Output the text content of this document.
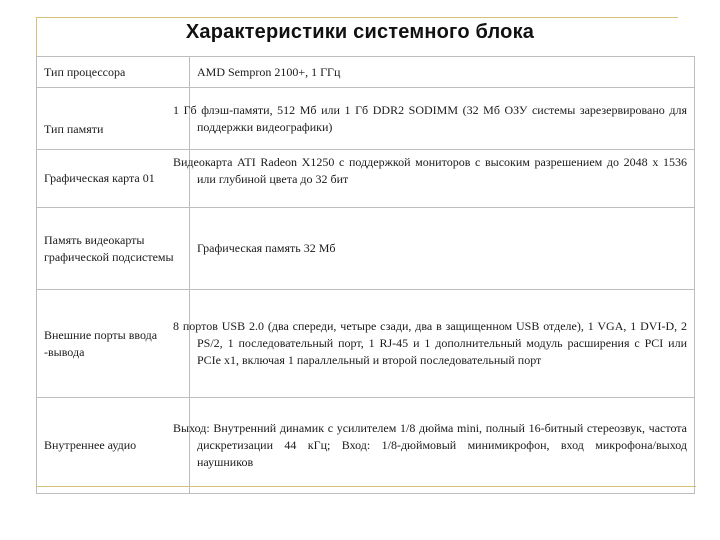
Характеристики системного блока
Тип процессора	AMD Sempron 2100+, 1 ГГц
Тип памяти	1 Гб флэш-памяти, 512 Мб или 1 Гб DDR2 SODIMM (32 Мб ОЗУ системы зарезервировано для поддержки видеографики)
Графическая карта 01	Видеокарта ATI Radeon X1250 с поддержкой мониторов с высоким разрешением до 2048 x 1536 или глубиной цвета до 32 бит
Память видеокарты графической подсистемы	Графическая память 32 Мб
Внешние порты ввода -вывода	8 портов USB 2.0 (два спереди, четыре сзади, два в защищенном USB отделе), 1 VGA, 1 DVI-D, 2 PS/2, 1 последовательный порт, 1 RJ-45 и 1 дополнительный модуль расширения с PCI или PCIe x1, включая 1 параллельный и второй последовательный порт
Внутреннее аудио	Выход: Внутренний динамик с усилителем 1/8 дюйма mini, полный 16-битный стереозвук, частота дискретизации 44 кГц; Вход: 1/8-дюймовый минимикрофон, вход микрофона/выход наушников
